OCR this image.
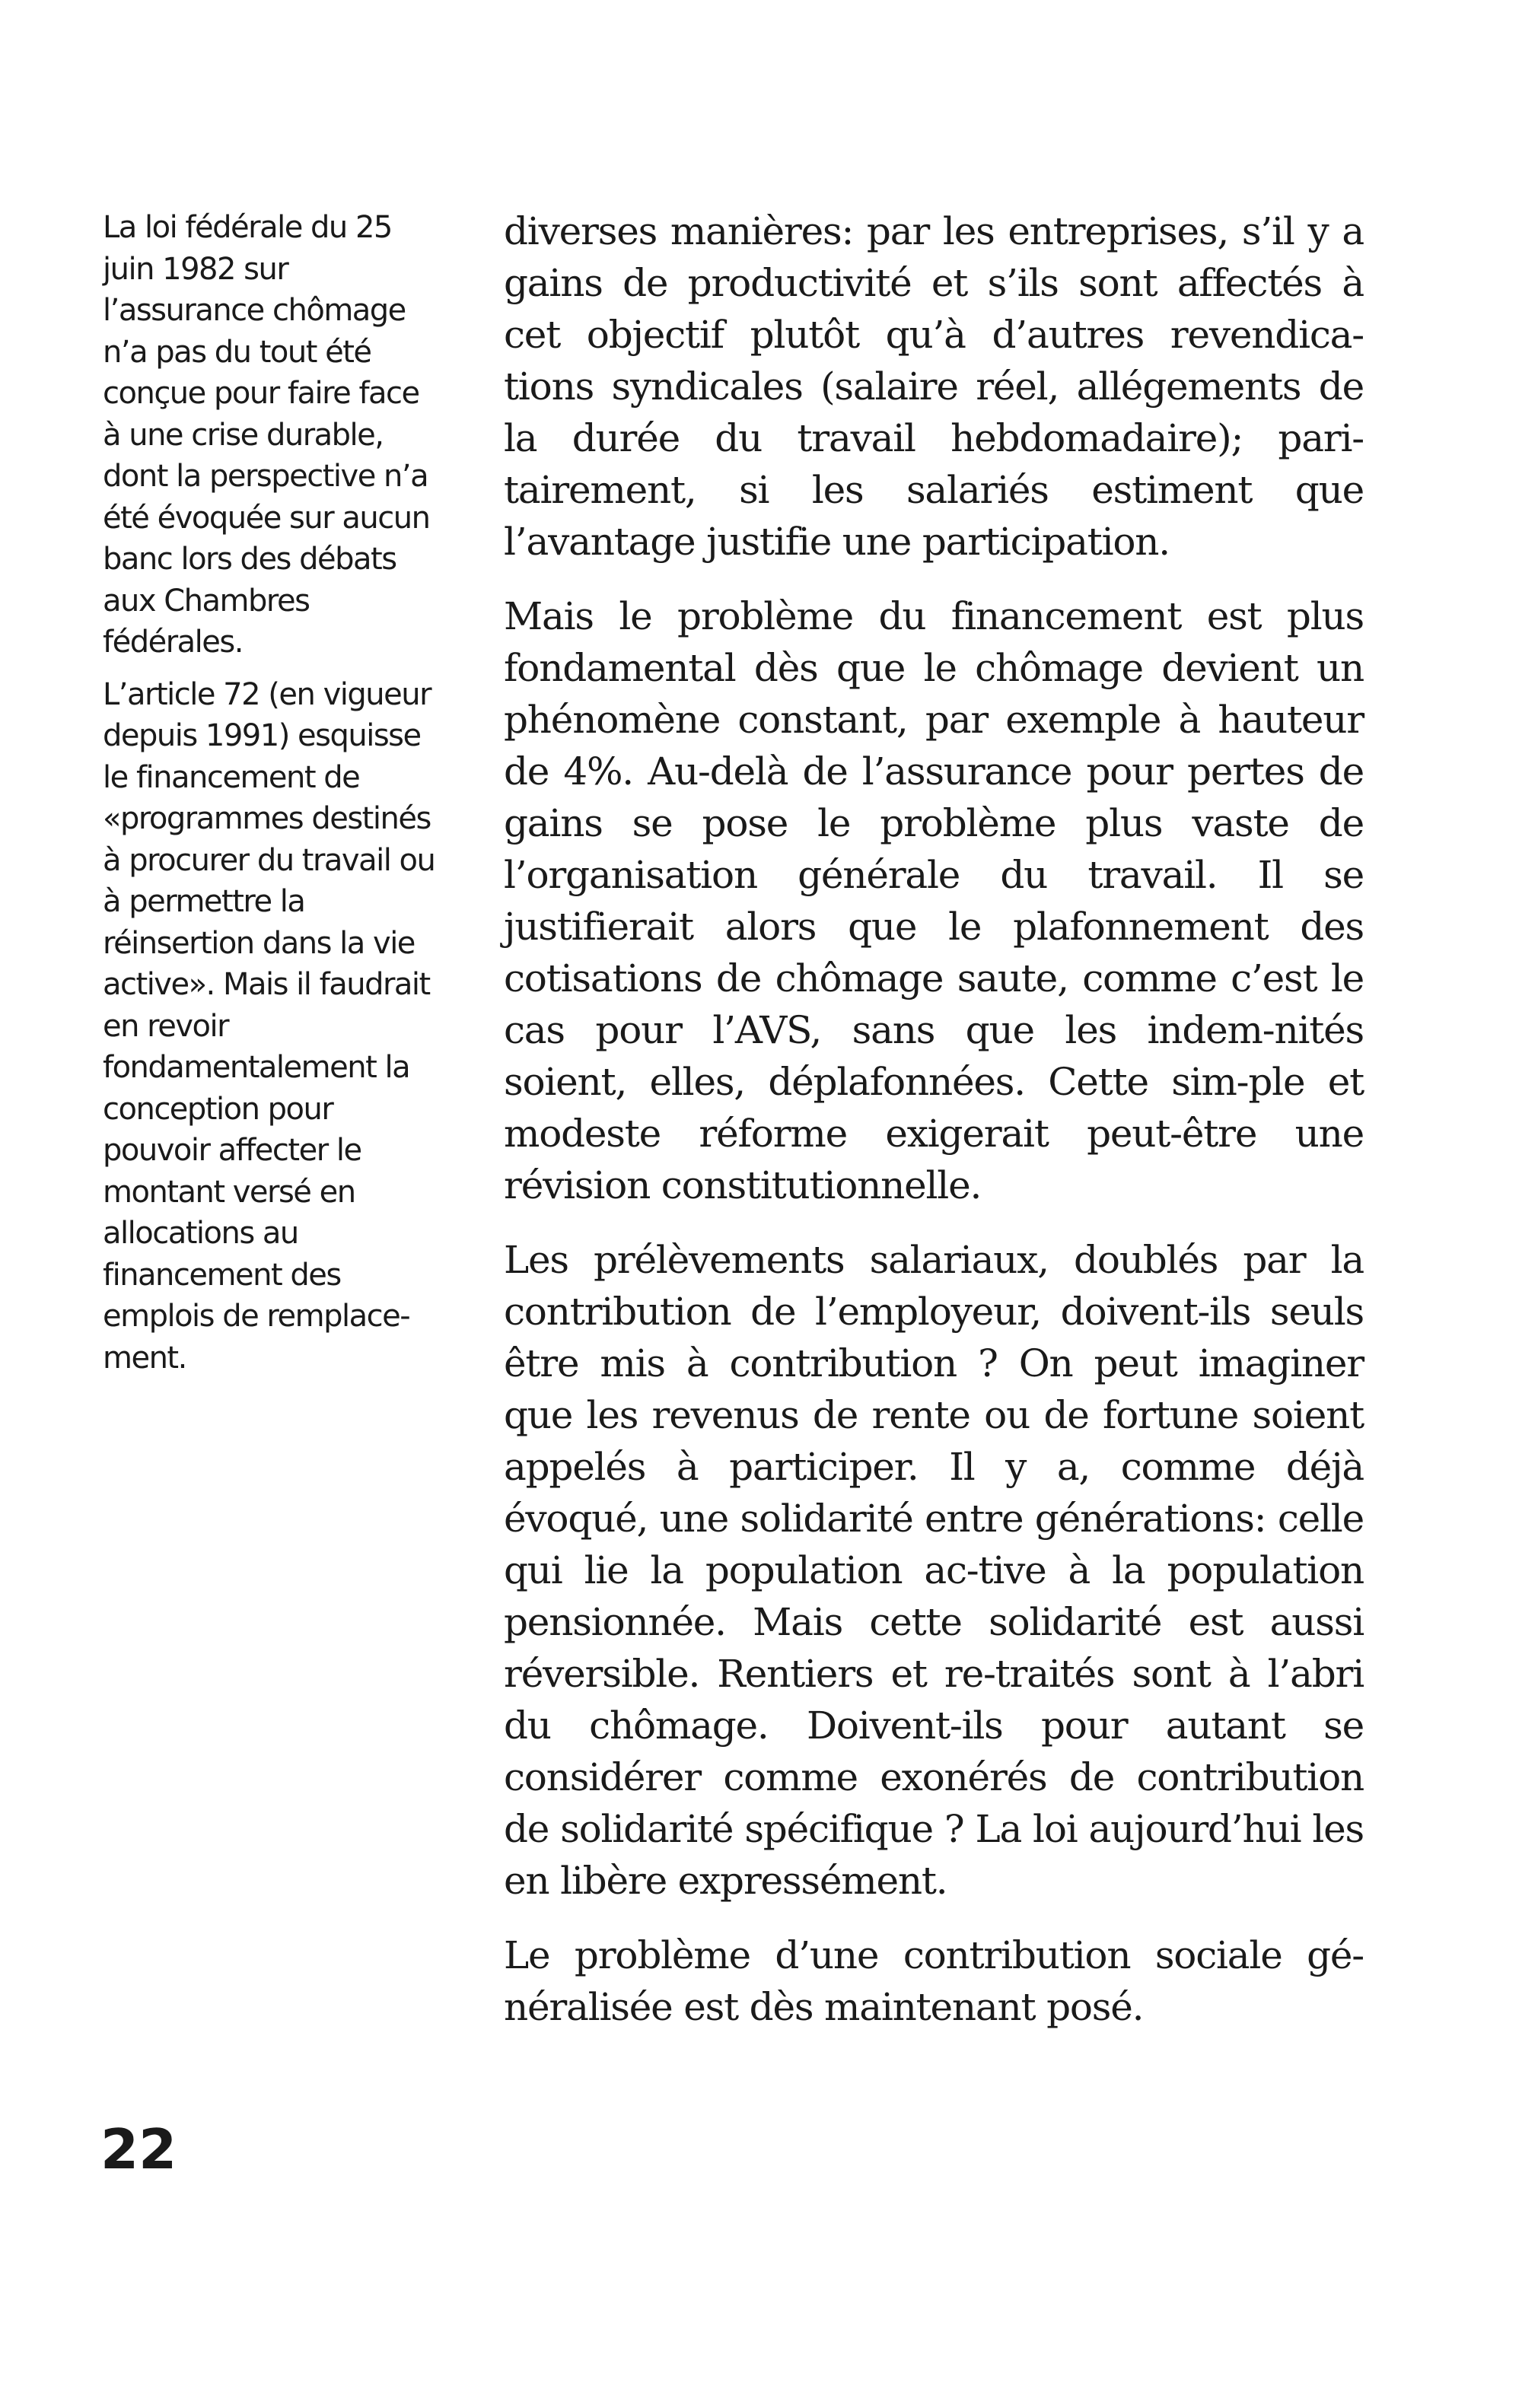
La loi fédérale du 25 juin 1982 sur l’assurance chômage n’a pas du tout été conçue pour faire face à une crise durable, dont la perspective n’a été évoquée sur aucun banc lors des débats aux Chambres fédérales.

L’article 72 (en vigueur depuis 1991) esquisse le financement de «programmes destinés à procurer du travail ou à permettre la réinsertion dans la vie active». Mais il faudrait en revoir fondamentalement la conception pour pouvoir affecter le montant versé en allocations au financement des emplois de remplace-ment.

diverses manières: par les entreprises, s’il y a gains de productivité et s’ils sont affectés à cet objectif plutôt qu’à d’autres revendica-tions syndicales (salaire réel, allégements de la durée du travail hebdomadaire); pari-tairement, si les salariés estiment que l’avantage justifie une participation.

Mais le problème du financement est plus fondamental dès que le chômage devient un phénomène constant, par exemple à hauteur de 4%. Au-delà de l’assurance pour pertes de gains se pose le problème plus vaste de l’organisation générale du travail. Il se justifierait alors que le plafonnement des cotisations de chômage saute, comme c’est le cas pour l’AVS, sans que les indem-nités soient, elles, déplafonnées. Cette sim-ple et modeste réforme exigerait peut-être une révision constitutionnelle.

Les prélèvements salariaux, doublés par la contribution de l’employeur, doivent-ils seuls être mis à contribution ? On peut imaginer que les revenus de rente ou de fortune soient appelés à participer. Il y a, comme déjà évoqué, une solidarité entre générations: celle qui lie la population ac-tive à la population pensionnée. Mais cette solidarité est aussi réversible. Rentiers et re-traités sont à l’abri du chômage. Doivent-ils pour autant se considérer comme exonérés de contribution de solidarité spécifique ? La loi aujourd’hui les en libère expressément.

Le problème d’une contribution sociale gé-néralisée est dès maintenant posé.

22
